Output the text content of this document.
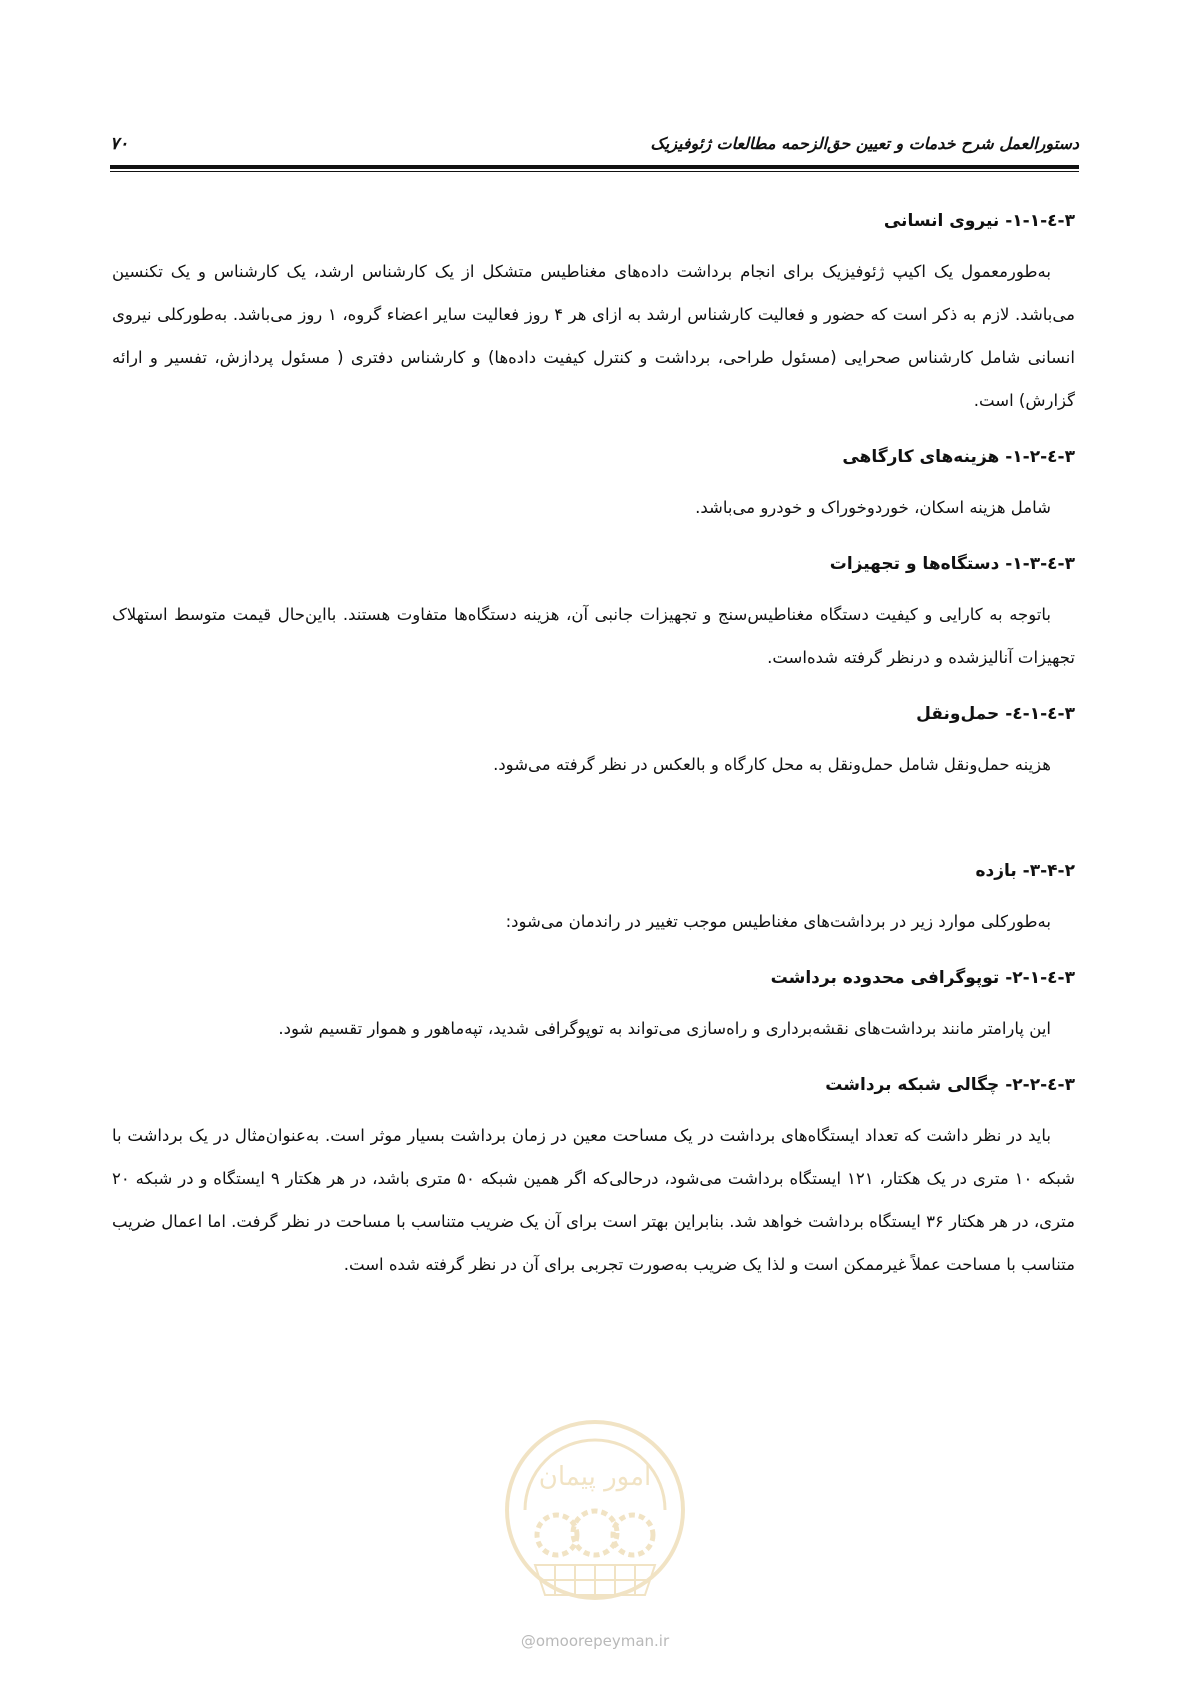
۷۰	دستورالعمل شرح خدمات و تعیین حق‌الزحمه مطالعات ژئوفیزیک
۳-٤-۱-۱- نیروی انسانی

به‌طورمعمول یک اکیپ ژئوفیزیک برای انجام برداشت داده‌های مغناطیس متشکل از یک کارشناس ارشد، یک کارشناس و یک تکنسین می‌باشد. لازم به ذکر است که حضور و فعالیت کارشناس ارشد به ازای هر ۴ روز فعالیت سایر اعضاء گروه، ۱ روز می‌باشد. به‌طورکلی نیروی انسانی شامل کارشناس صحرایی (مسئول طراحی، برداشت و کنترل کیفیت داده‌ها) و کارشناس دفتری ( مسئول پردازش، تفسیر و ارائه گزارش) است.

۳-٤-۱-۲- هزینه‌های کارگاهی

شامل هزینه اسکان، خوردوخوراک و خودرو می‌باشد.

۳-٤-۱-۳- دستگاه‌ها و تجهیزات

باتوجه به کارایی و کیفیت دستگاه مغناطیس‌سنج و تجهیزات جانبی آن، هزینه دستگاه‌ها متفاوت هستند. بااین‌حال قیمت متوسط استهلاک تجهیزات آنالیزشده و درنظر گرفته شده‌است.

۳-٤-۱-٤- حمل‌ونقل

هزینه حمل‌ونقل شامل حمل‌ونقل به محل کارگاه و بالعکس در نظر گرفته می‌شود.

۳-۴-۲- بازده

به‌طورکلی موارد زیر در برداشت‌های مغناطیس موجب تغییر در راندمان می‌شود:

۳-٤-۲-۱- توپوگرافی محدوده برداشت

این پارامتر مانند برداشت‌های نقشه‌برداری و راه‌سازی می‌تواند به توپوگرافی شدید، تپه‌ماهور و هموار تقسیم شود.

۳-٤-۲-۲- چگالی شبکه برداشت

باید در نظر داشت که تعداد ایستگاه‌های برداشت در یک مساحت معین در زمان برداشت بسیار موثر است. به‌عنوان‌مثال در یک برداشت با شبکه ۱۰ متری در یک هکتار، ۱۲۱ ایستگاه برداشت می‌شود، درحالی‌که اگر همین شبکه ۵۰ متری باشد، در هر هکتار ۹ ایستگاه و در شبکه ۲۰ متری، در هر هکتار ۳۶ ایستگاه برداشت خواهد شد. بنابراین بهتر است برای آن یک ضریب متناسب با مساحت در نظر گرفت. اما اعمال ضریب متناسب با مساحت عملاً غیرممکن است و لذا یک ضریب به‌صورت تجربی برای آن در نظر گرفته شده است.

امور پیمان
@omoorepeyman.ir
